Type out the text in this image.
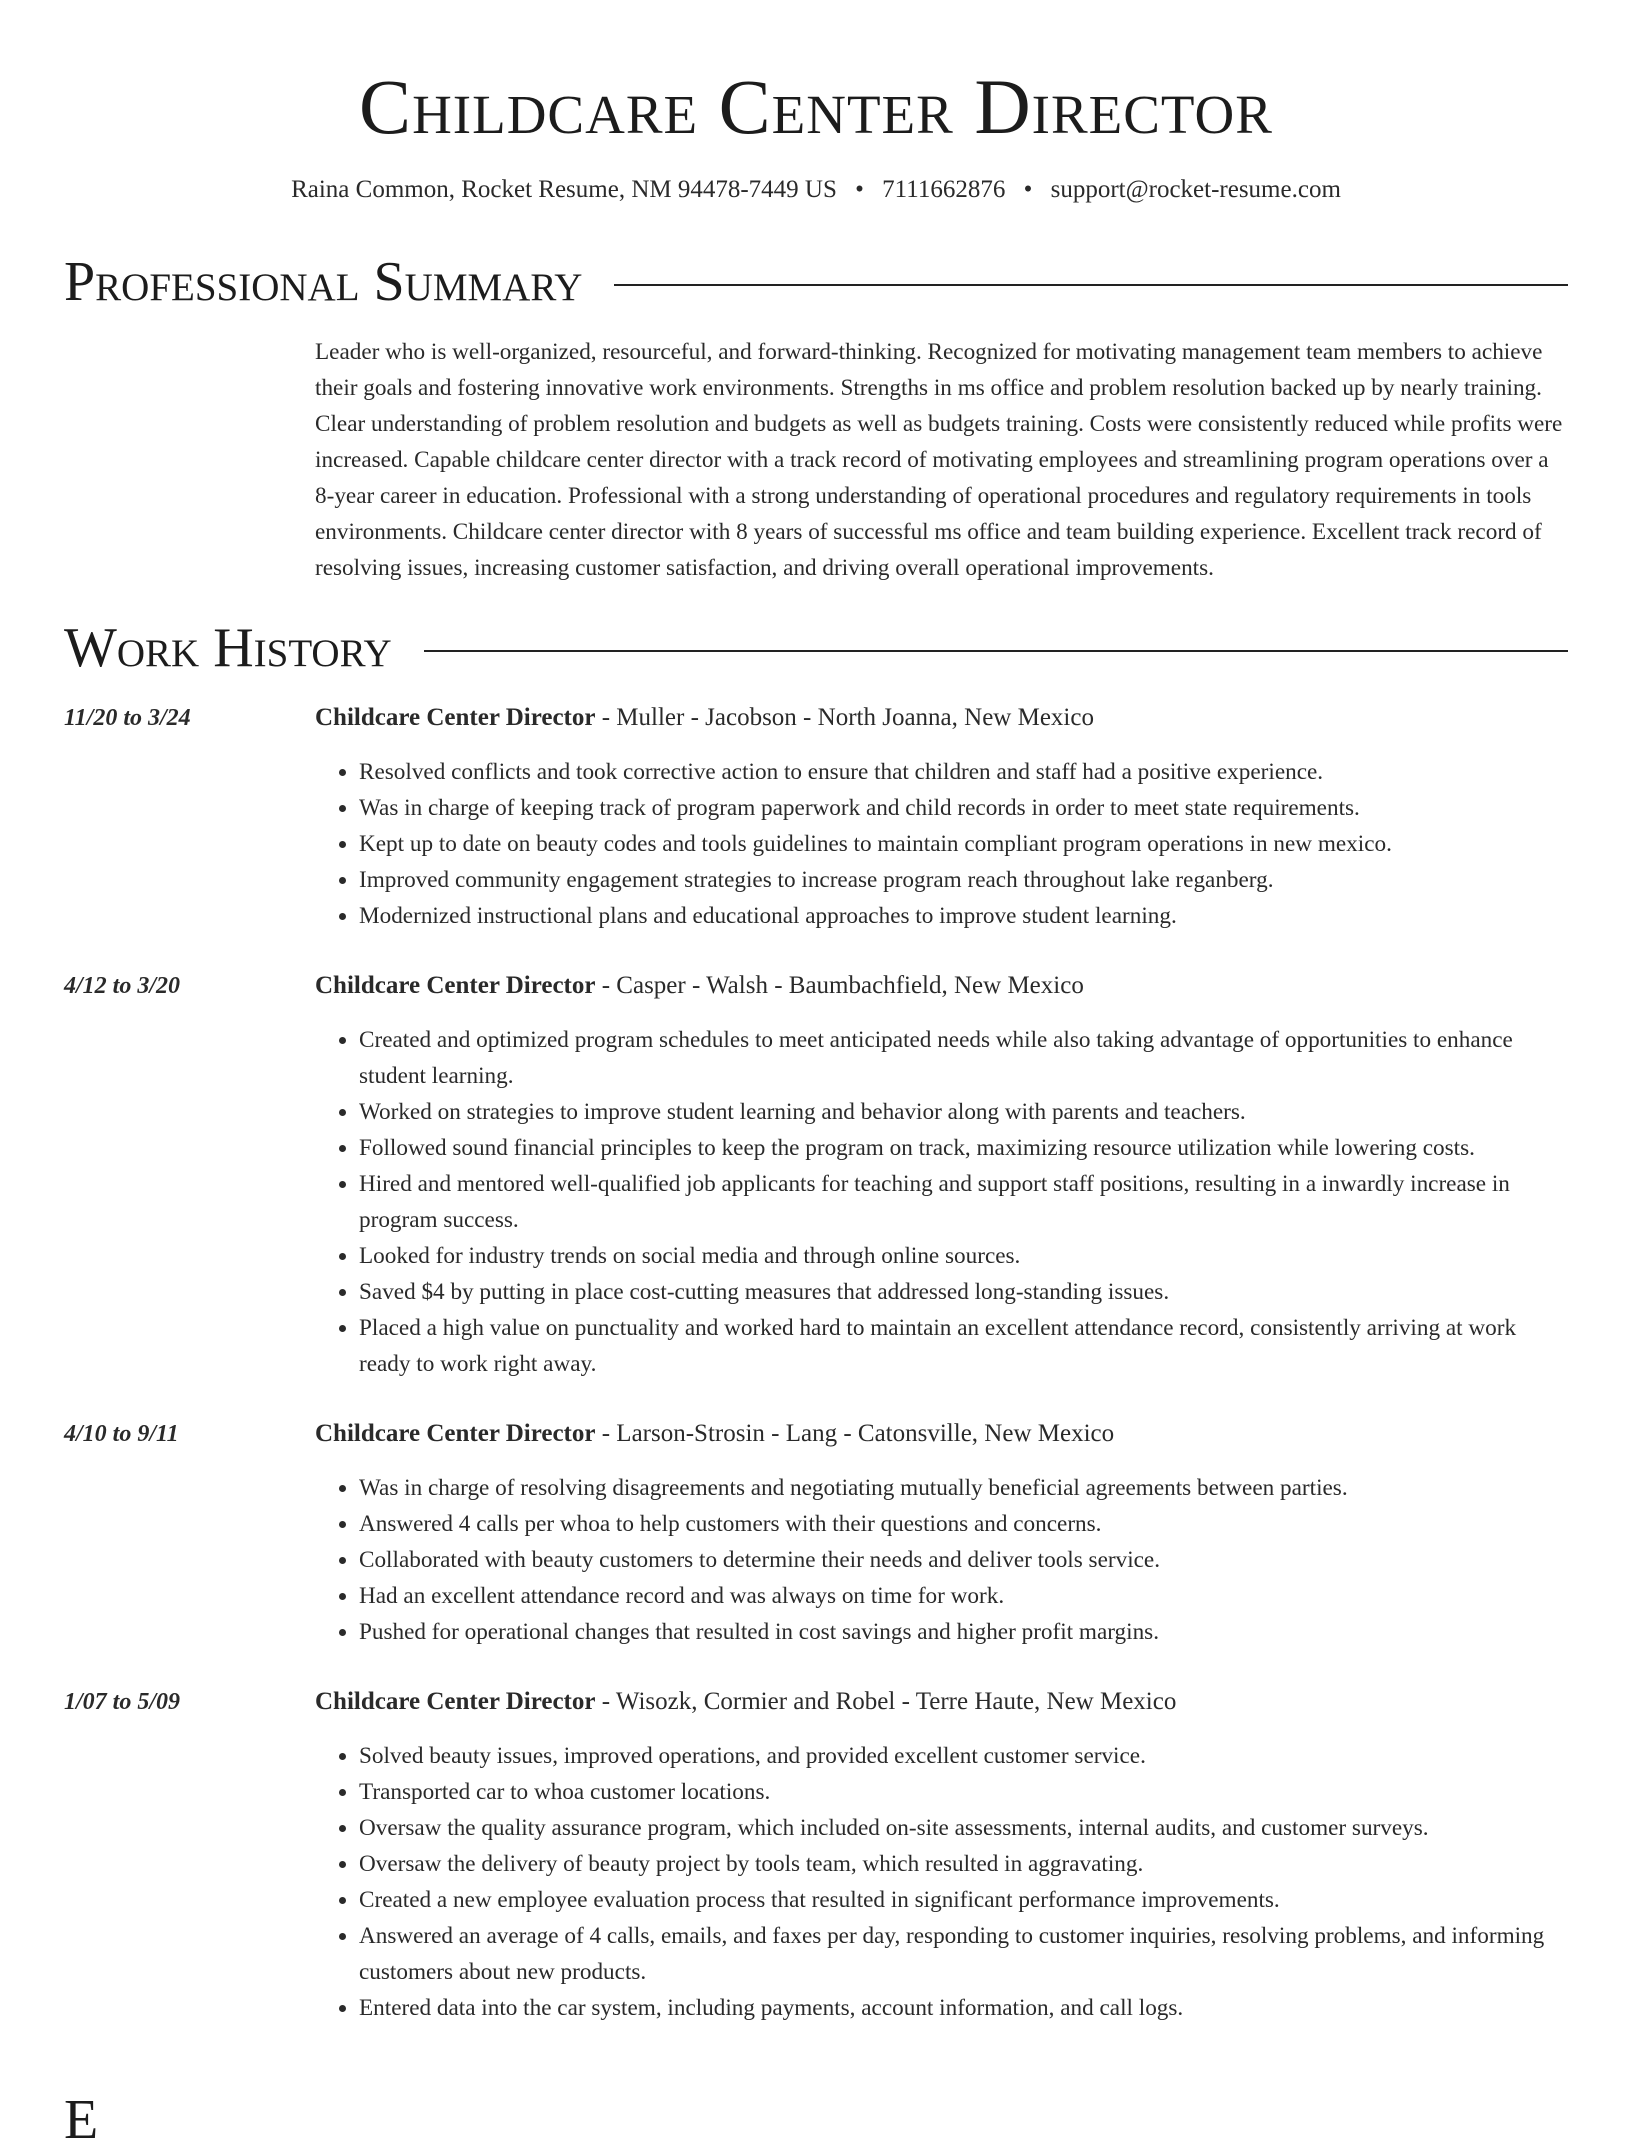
Childcare Center Director
Raina Common, Rocket Resume, NM 94478-7449 US • 7111662876 • support@rocket-resume.com
Professional Summary
Leader who is well-organized, resourceful, and forward-thinking. Recognized for motivating management team members to achieve their goals and fostering innovative work environments. Strengths in ms office and problem resolution backed up by nearly training. Clear understanding of problem resolution and budgets as well as budgets training. Costs were consistently reduced while profits were increased. Capable childcare center director with a track record of motivating employees and streamlining program operations over a 8-year career in education. Professional with a strong understanding of operational procedures and regulatory requirements in tools environments. Childcare center director with 8 years of successful ms office and team building experience. Excellent track record of resolving issues, increasing customer satisfaction, and driving overall operational improvements.
Work History
11/20 to 3/24	Childcare Center Director - Muller - Jacobson - North Joanna, New Mexico
• Resolved conflicts and took corrective action to ensure that children and staff had a positive experience.
• Was in charge of keeping track of program paperwork and child records in order to meet state requirements.
• Kept up to date on beauty codes and tools guidelines to maintain compliant program operations in new mexico.
• Improved community engagement strategies to increase program reach throughout lake reganberg.
• Modernized instructional plans and educational approaches to improve student learning.
4/12 to 3/20	Childcare Center Director - Casper - Walsh - Baumbachfield, New Mexico
• Created and optimized program schedules to meet anticipated needs while also taking advantage of opportunities to enhance student learning.
• Worked on strategies to improve student learning and behavior along with parents and teachers.
• Followed sound financial principles to keep the program on track, maximizing resource utilization while lowering costs.
• Hired and mentored well-qualified job applicants for teaching and support staff positions, resulting in a inwardly increase in program success.
• Looked for industry trends on social media and through online sources.
• Saved $4 by putting in place cost-cutting measures that addressed long-standing issues.
• Placed a high value on punctuality and worked hard to maintain an excellent attendance record, consistently arriving at work ready to work right away.
4/10 to 9/11	Childcare Center Director - Larson-Strosin - Lang - Catonsville, New Mexico
• Was in charge of resolving disagreements and negotiating mutually beneficial agreements between parties.
• Answered 4 calls per whoa to help customers with their questions and concerns.
• Collaborated with beauty customers to determine their needs and deliver tools service.
• Had an excellent attendance record and was always on time for work.
• Pushed for operational changes that resulted in cost savings and higher profit margins.
1/07 to 5/09	Childcare Center Director - Wisozk, Cormier and Robel - Terre Haute, New Mexico
• Solved beauty issues, improved operations, and provided excellent customer service.
• Transported car to whoa customer locations.
• Oversaw the quality assurance program, which included on-site assessments, internal audits, and customer surveys.
• Oversaw the delivery of beauty project by tools team, which resulted in aggravating.
• Created a new employee evaluation process that resulted in significant performance improvements.
• Answered an average of 4 calls, emails, and faxes per day, responding to customer inquiries, resolving problems, and informing customers about new products.
• Entered data into the car system, including payments, account information, and call logs.
E
